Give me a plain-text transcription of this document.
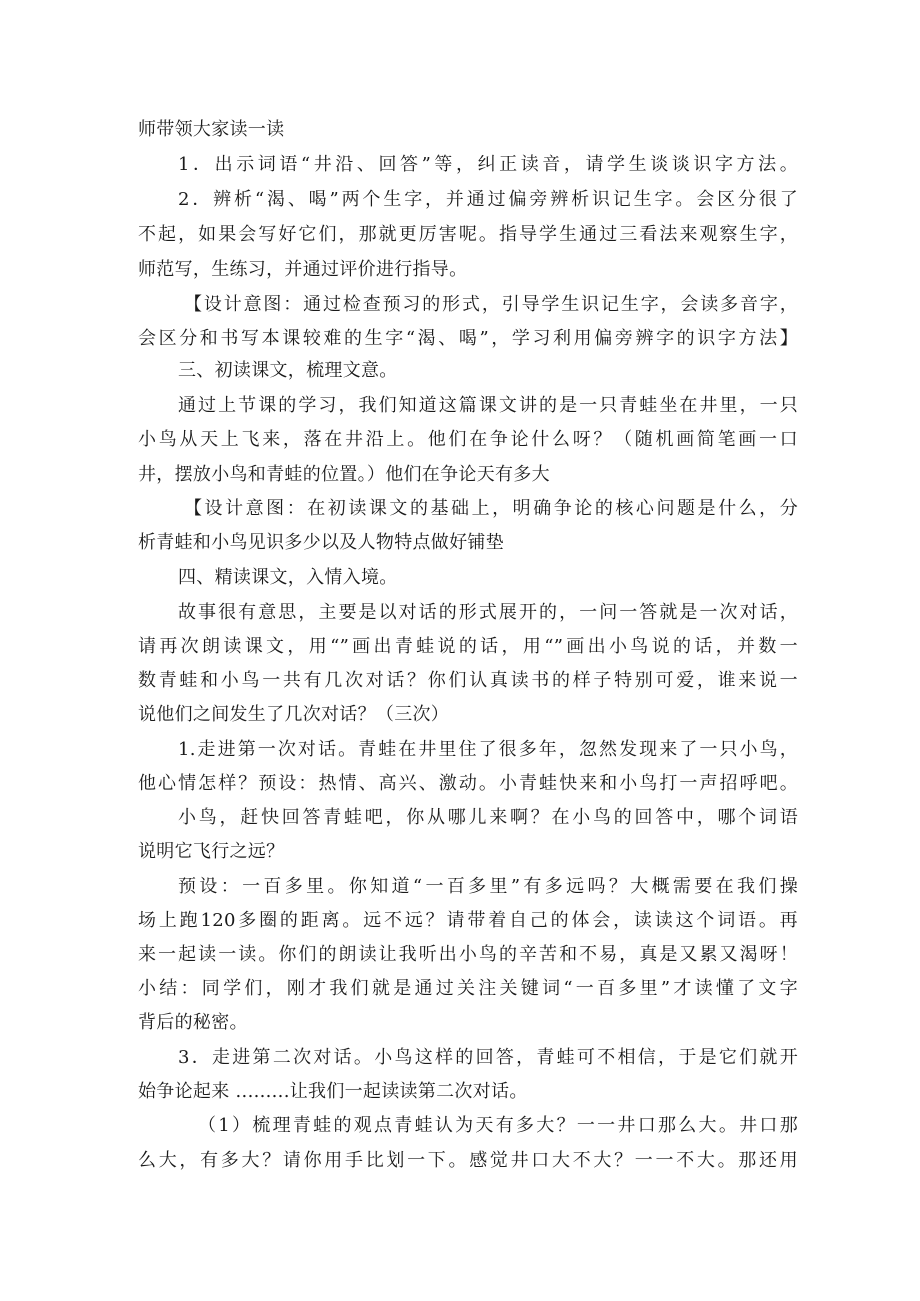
师带领大家读一读
1．出示词语“井沿、回答”等，纠正读音，请学生谈谈识字方法。
2．辨析“渴、喝”两个生字，并通过偏旁辨析识记生字。会区分很了
不起，如果会写好它们，那就更厉害呢。指导学生通过三看法来观察生字，
师范写，生练习，并通过评价进行指导。
【设计意图：通过检查预习的形式，引导学生识记生字，会读多音字，
会区分和书写本课较难的生字“渴、喝”，学习利用偏旁辨字的识字方法】
三、初读课文，梳理文意。
通过上节课的学习，我们知道这篇课文讲的是一只青蛙坐在井里，一只
小鸟从天上飞来，落在井沿上。他们在争论什么呀？（随机画简笔画一口
井，摆放小鸟和青蛙的位置。）他们在争论天有多大
【设计意图：在初读课文的基础上，明确争论的核心问题是什么，分
析青蛙和小鸟见识多少以及人物特点做好铺垫
四、精读课文，入情入境。
故事很有意思，主要是以对话的形式展开的，一问一答就是一次对话，
请再次朗读课文，用“”画出青蛙说的话，用“”画出小鸟说的话，并数一
数青蛙和小鸟一共有几次对话？你们认真读书的样子特别可爱，谁来说一
说他们之间发生了几次对话？（三次）
1.走进第一次对话。青蛙在井里住了很多年，忽然发现来了一只小鸟，
他心情怎样？预设：热情、高兴、激动。小青蛙快来和小鸟打一声招呼吧。
小鸟，赶快回答青蛙吧，你从哪儿来啊？在小鸟的回答中，哪个词语
说明它飞行之远？
预设：一百多里。你知道“一百多里”有多远吗？大概需要在我们操
场上跑120多圈的距离。远不远？请带着自己的体会，读读这个词语。再
来一起读一读。你们的朗读让我听出小鸟的辛苦和不易，真是又累又渴呀！
小结：同学们，刚才我们就是通过关注关键词“一百多里”才读懂了文字
背后的秘密。
3．走进第二次对话。小鸟这样的回答，青蛙可不相信，于是它们就开
始争论起来 .........让我们一起读读第二次对话。
（1）梳理青蛙的观点青蛙认为天有多大？一一井口那么大。井口那
么大，有多大？请你用手比划一下。感觉井口大不大？一一不大。那还用
